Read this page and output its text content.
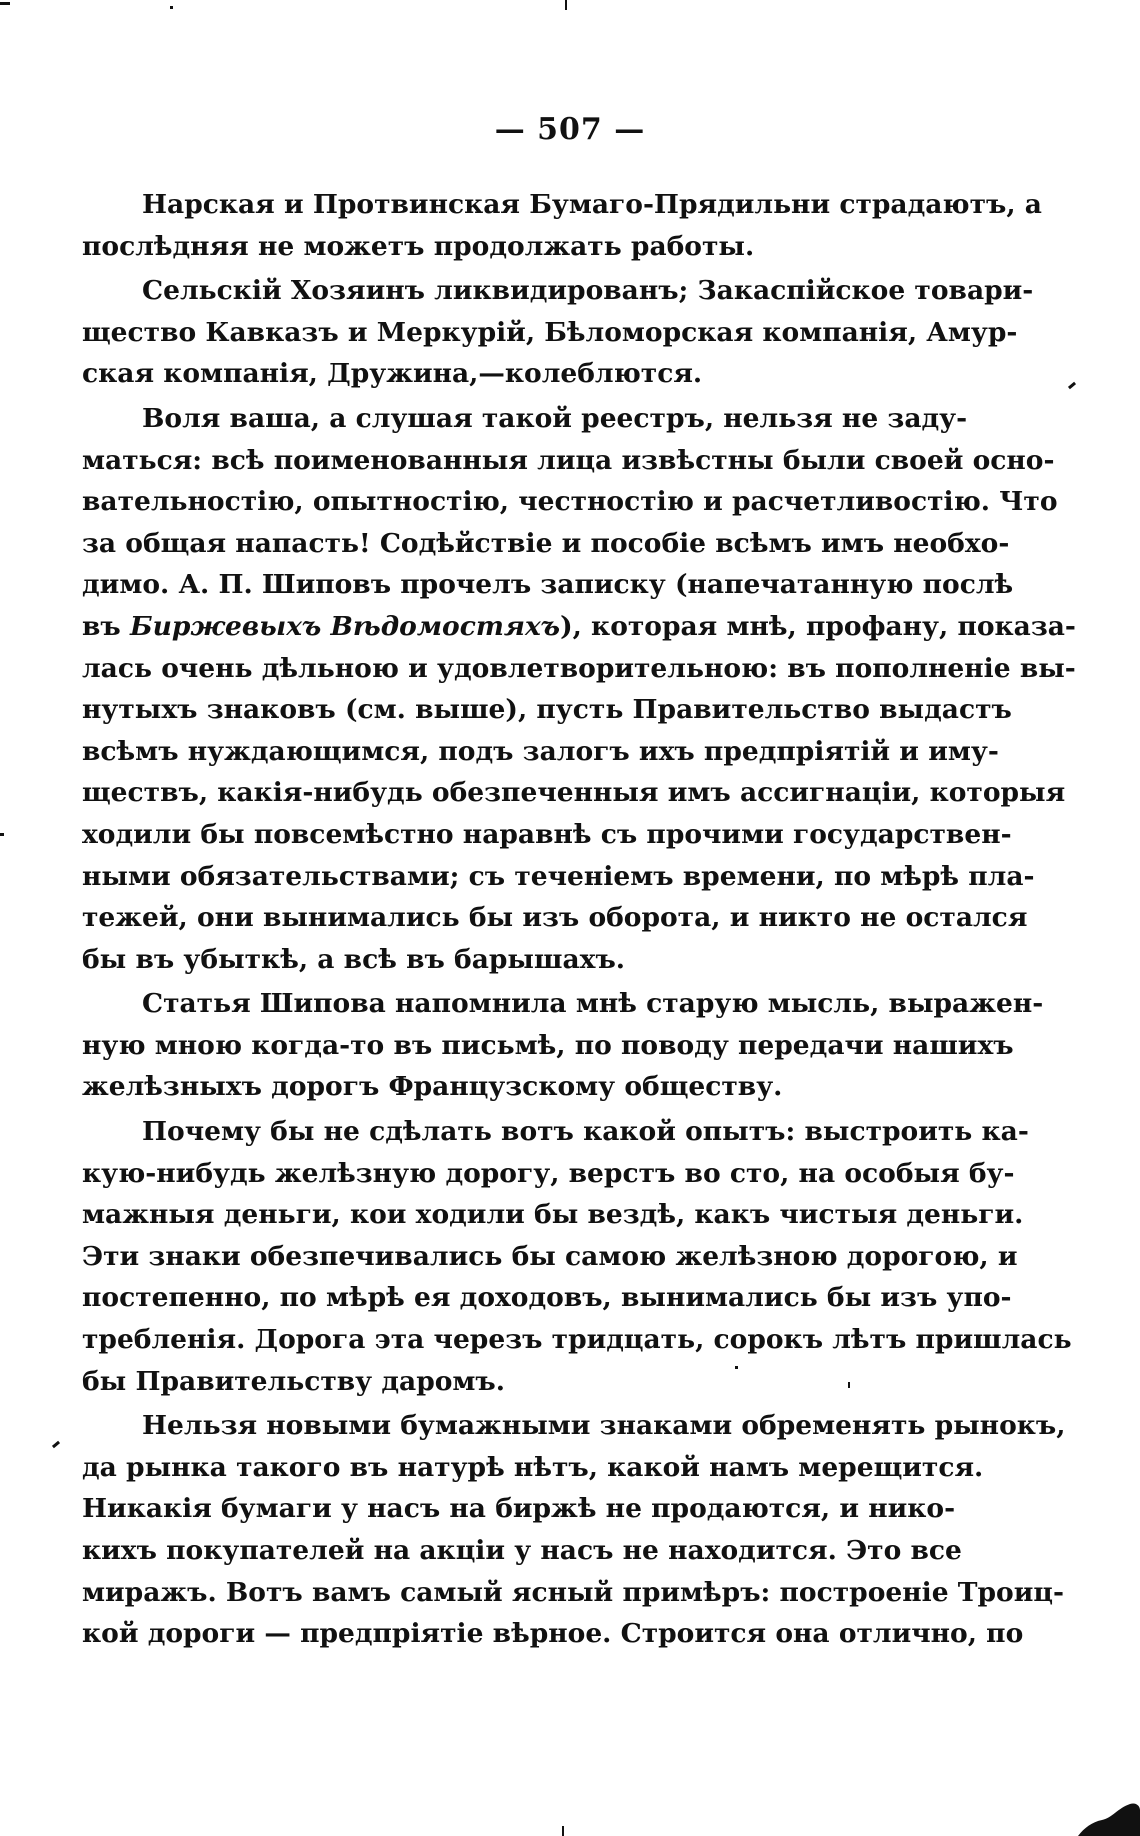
— 507 —
Нарская и Протвинская Бумаго-Прядильни страдаютъ, а
послѣдняя не можетъ продолжать работы.
Сельскій Хозяинъ ликвидированъ; Закаспійское товари-
щество Кавказъ и Меркурій, Бѣломорская компанія, Амур-
ская компанія, Дружина,—колеблются.
Воля ваша, а слушая такой реестръ, нельзя не заду-
маться: всѣ поименованныя лица извѣстны были своей осно-
вательностію, опытностію, честностію и расчетливостію. Что
за общая напасть! Содѣйствіе и пособіе всѣмъ имъ необхо-
димо. А. П. Шиповъ прочелъ записку (напечатанную послѣ
въ Биржевыхъ Вѣдомостяхъ), которая мнѣ, профану, показа-
лась очень дѣльною и удовлетворительною: въ пополненіе вы-
нутыхъ знаковъ (см. выше), пусть Правительство выдастъ
всѣмъ нуждающимся, подъ залогъ ихъ предпріятій и иму-
ществъ, какія-нибудь обезпеченныя имъ ассигнаціи, которыя
ходили бы повсемѣстно наравнѣ съ прочими государствен-
ными обязательствами; съ теченіемъ времени, по мѣрѣ пла-
тежей, они вынимались бы изъ оборота, и никто не остался
бы въ убыткѣ, а всѣ въ барышахъ.
Статья Шипова напомнила мнѣ старую мысль, выражен-
ную мною когда-то въ письмѣ, по поводу передачи нашихъ
желѣзныхъ дорогъ Французскому обществу.
Почему бы не сдѣлать вотъ какой опытъ: выстроить ка-
кую-нибудь желѣзную дорогу, верстъ во сто, на особыя бу-
мажныя деньги, кои ходили бы вездѣ, какъ чистыя деньги.
Эти знаки обезпечивались бы самою желѣзною дорогою, и
постепенно, по мѣрѣ ея доходовъ, вынимались бы изъ упо-
требленія. Дорога эта черезъ тридцать, сорокъ лѣтъ пришлась
бы Правительству даромъ.
Нельзя новыми бумажными знаками обременять рынокъ,
да рынка такого въ натурѣ нѣтъ, какой намъ мерещится.
Никакія бумаги у насъ на биржѣ не продаются, и нико-
кихъ покупателей на акціи у насъ не находится. Это все
миражъ. Вотъ вамъ самый ясный примѣръ: построеніе Троиц-
кой дороги — предпріятіе вѣрное. Строится она отлично, по
